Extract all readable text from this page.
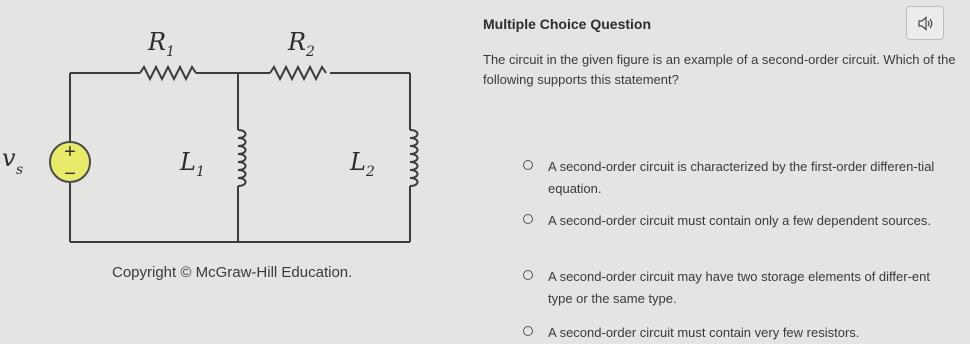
+
−
R 1	R 2
L 1	L 2
v s
Copyright © McGraw-Hill Education.
Multiple Choice Question
The circuit in the given figure is an example of a second-order circuit. Which of the following supports this statement?
A second-order circuit is characterized by the first-order differen-tial equation.
A second-order circuit must contain only a few dependent sources.
A second-order circuit may have two storage elements of differ-ent type or the same type.
A second-order circuit must contain very few resistors.
